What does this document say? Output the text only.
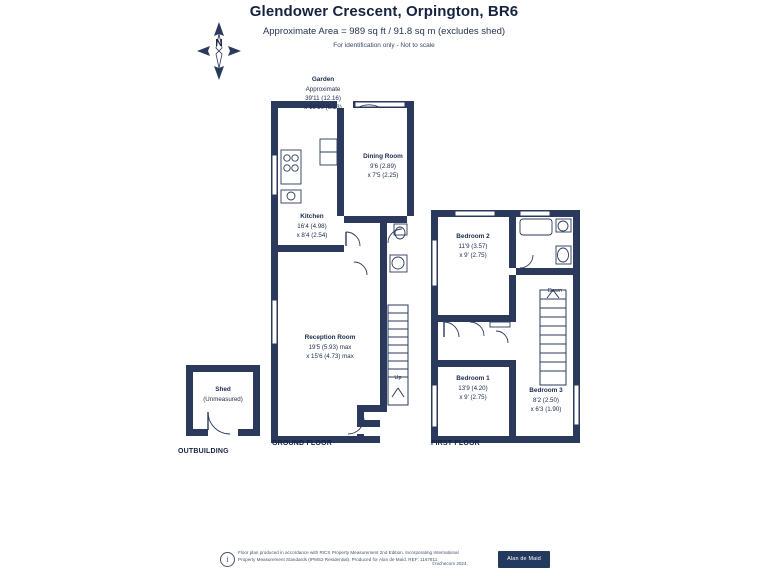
Glendower Crescent, Orpington, BR6
Approximate Area = 989 sq ft / 91.8 sq m (excludes shed)
For identification only - Not to scale
N
Garden
Approximate
39'11 (12.16)
x 16'10 (5.13)
Dining Room
9'6 (2.89)
x 7'5 (2.25)
Kitchen
16'4 (4.98)
x 8'4 (2.54)
Reception Room
19'5 (5.93) max
x 15'6 (4.73) max
Shed
(Unmeasured)
Bedroom 2
11'9 (3.57)
x 9' (2.75)
Bedroom 1
13'9 (4.20)
x 9' (2.75)
Bedroom 3
8'2 (2.50)
x 6'3 (1.90)
Up
Down
GROUND FLOOR	FIRST FLOOR
OUTBUILDING
i
Floor plan produced in accordance with RICS Property Measurement 2nd Edition. Incorporating International Property Measurement Standards (IPMS2 Residential). Produced for Alan de Maid. REF: 1167811	Alan de Maid
©nichecom 2024.
